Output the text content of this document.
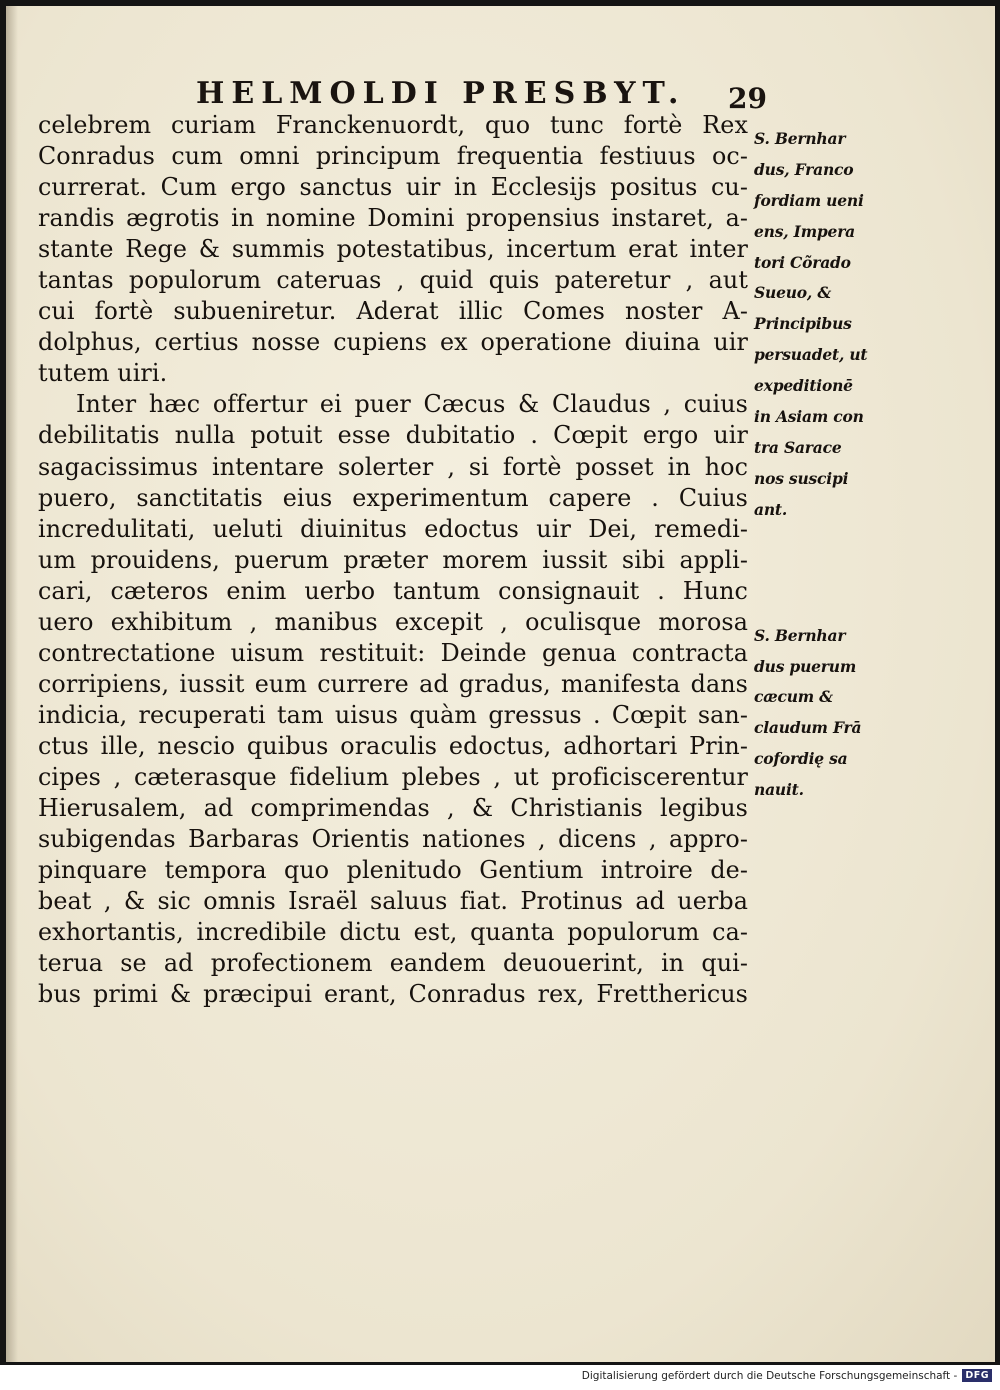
HELMOLDI PRESBYT. 29
celebrem curiam Franckenuordt, quo tunc fortè Rex
Conradus cum omni principum frequentia festiuus oc-
currerat. Cum ergo sanctus uir in Ecclesijs positus cu-
randis ægrotis in nomine Domini propensius instaret, a-
stante Rege & summis potestatibus, incertum erat inter
tantas populorum cateruas , quid quis pateretur , aut
cui fortè subueniretur. Aderat illic Comes noster A-
dolphus, certius nosse cupiens ex operatione diuina uir
tutem uiri.
Inter hæc offertur ei puer Cæcus & Claudus , cuius
debilitatis nulla potuit esse dubitatio . Cœpit ergo uir
sagacissimus intentare solerter , si fortè posset in hoc
puero, sanctitatis eius experimentum capere . Cuius
incredulitati, ueluti diuinitus edoctus uir Dei, remedi-
um prouidens, puerum præter morem iussit sibi appli-
cari, cæteros enim uerbo tantum consignauit . Hunc
uero exhibitum , manibus excepit , oculisque morosa
contrectatione uisum restituit: Deinde genua contracta
corripiens, iussit eum currere ad gradus, manifesta dans
indicia, recuperati tam uisus quàm gressus . Cœpit san-
ctus ille, nescio quibus oraculis edoctus, adhortari Prin-
cipes , cæterasque fidelium plebes , ut proficiscerentur
Hierusalem, ad comprimendas , & Christianis legibus
subigendas Barbaras Orientis nationes , dicens , appro-
pinquare tempora quo plenitudo Gentium introire de-
beat , & sic omnis Israël saluus fiat. Protinus ad uerba
exhortantis, incredibile dictu est, quanta populorum ca-
terua se ad profectionem eandem deuouerint, in qui-
bus primi & præcipui erant, Conradus rex, Fretthericus
S. Bernhar
dus, Franco
fordiam ueni
ens, Impera
tori Cõrado
Sueuo, &
Principibus
persuadet, ut
expeditionē
in Asiam con
tra Sarace
nos suscipi
ant.
S. Bernhar
dus puerum
cæcum &
claudum Frā
cofordię sa
nauit.
Digitalisierung gefördert durch die Deutsche Forschungsgemeinschaft - DFG
